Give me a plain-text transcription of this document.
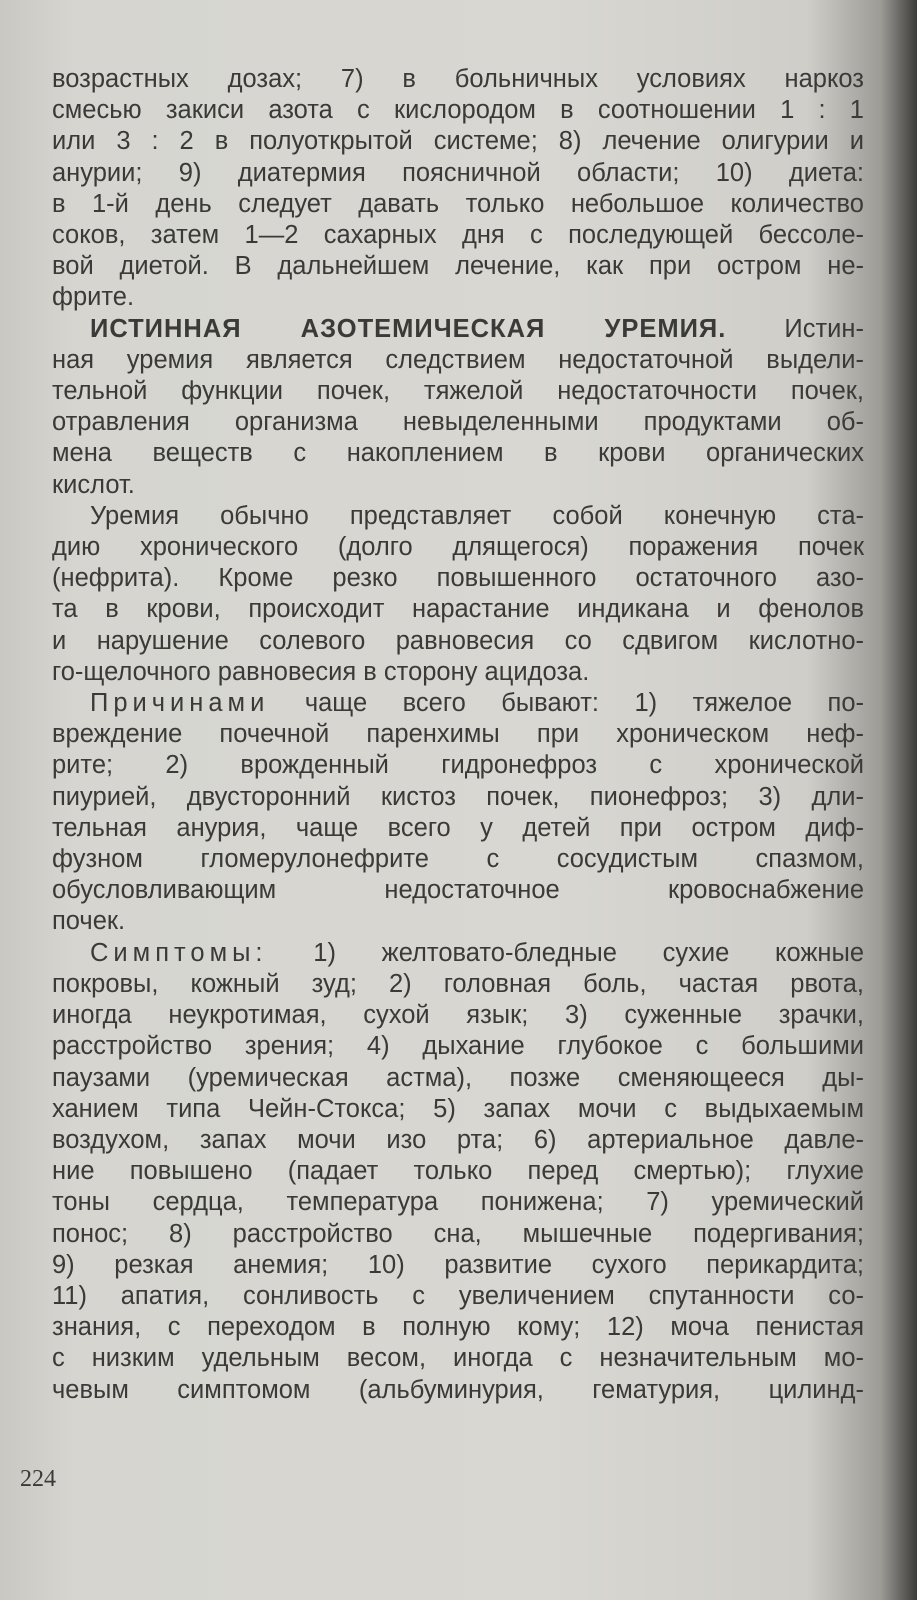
возрастных дозах; 7) в больничных условиях наркоз

смесью закиси азота с кислородом в соотношении 1 : 1

или 3 : 2 в полуоткрытой системе; 8) лечение олигурии и

анурии; 9) диатермия поясничной области; 10) диета:

в 1-й день следует давать только небольшое количество

соков, затем 1—2 сахарных дня с последующей бессоле-

вой диетой. В дальнейшем лечение, как при остром не-

фрите.

ИСТИННАЯ АЗОТЕМИЧЕСКАЯ УРЕМИЯ. Истин-

ная уремия является следствием недостаточной выдели-

тельной функции почек, тяжелой недостаточности почек,

отравления организма невыделенными продуктами об-

мена веществ с накоплением в крови органических

кислот.

Уремия обычно представляет собой конечную ста-

дию хронического (долго длящегося) поражения почек

(нефрита). Кроме резко повышенного остаточного азо-

та в крови, происходит нарастание индикана и фенолов

и нарушение солевого равновесия со сдвигом кислотно-

го-щелочного равновесия в сторону ацидоза.

Причинами чаще всего бывают: 1) тяжелое по-

вреждение почечной паренхимы при хроническом неф-

рите; 2) врожденный гидронефроз с хронической

пиурией, двусторонний кистоз почек, пионефроз; 3) дли-

тельная анурия, чаще всего у детей при остром диф-

фузном гломерулонефрите с сосудистым спазмом,

обусловливающим недостаточное кровоснабжение

почек.

Симптомы: 1) желтовато-бледные сухие кожные

покровы, кожный зуд; 2) головная боль, частая рвота,

иногда неукротимая, сухой язык; 3) суженные зрачки,

расстройство зрения; 4) дыхание глубокое с большими

паузами (уремическая астма), позже сменяющееся ды-

ханием типа Чейн-Стокса; 5) запах мочи с выдыхаемым

воздухом, запах мочи изо рта; 6) артериальное давле-

ние повышено (падает только перед смертью); глухие

тоны сердца, температура понижена; 7) уремический

понос; 8) расстройство сна, мышечные подергивания;

9) резкая анемия; 10) развитие сухого перикардита;

11) апатия, сонливость с увеличением спутанности со-

знания, с переходом в полную кому; 12) моча пенистая

с низким удельным весом, иногда с незначительным мо-

чевым симптомом (альбуминурия, гематурия, цилинд-

224
